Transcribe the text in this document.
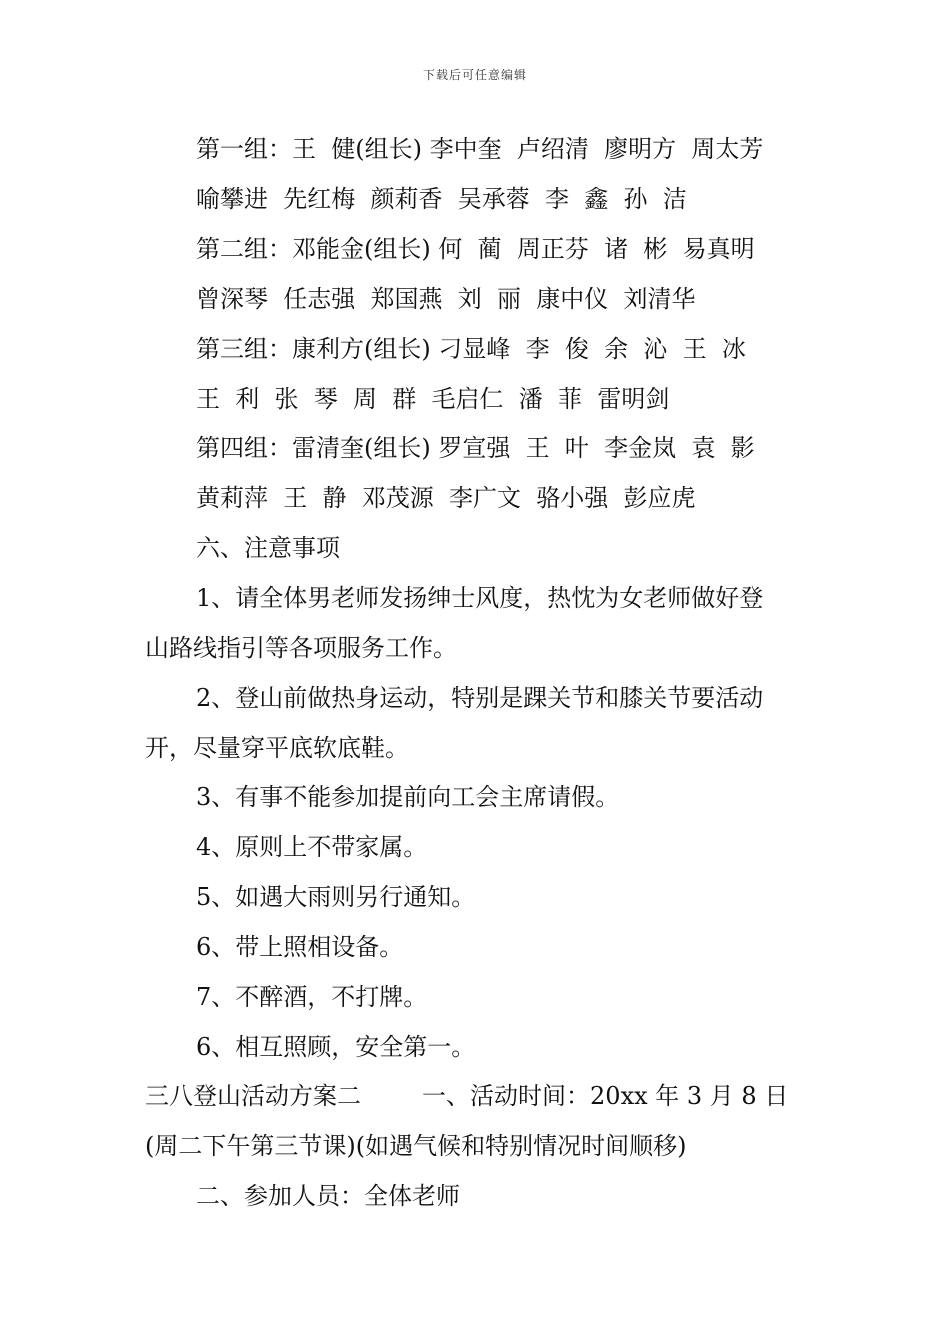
下载后可任意编辑
第一组：王  健(组长) 李中奎  卢绍清  廖明方  周太芳
喻攀进  先红梅  颜莉香  吴承蓉  李  鑫  孙  洁
第二组：邓能金(组长) 何  蔺  周正芬  诸  彬  易真明
曾深琴  任志强  郑国燕  刘  丽  康中仪  刘清华
第三组：康利方(组长) 刁显峰  李  俊  余  沁  王  冰
王  利  张  琴  周  群  毛启仁  潘  菲  雷明剑
第四组：雷清奎(组长) 罗宣强  王  叶  李金岚  袁  影
黄莉萍  王  静  邓茂源  李广文  骆小强  彭应虎
六、注意事项
1、请全体男老师发扬绅士风度，热忱为女老师做好登
山路线指引等各项服务工作。
2、登山前做热身运动，特别是踝关节和膝关节要活动
开，尽量穿平底软底鞋。
3、有事不能参加提前向工会主席请假。
4、原则上不带家属。
5、如遇大雨则另行通知。
6、带上照相设备。
7、不醉酒，不打牌。
6、相互照顾，安全第一。
三八登山活动方案二        一、活动时间：20xx 年 3 月 8 日
(周二下午第三节课)(如遇气候和特别情况时间顺移)
二、参加人员：全体老师
